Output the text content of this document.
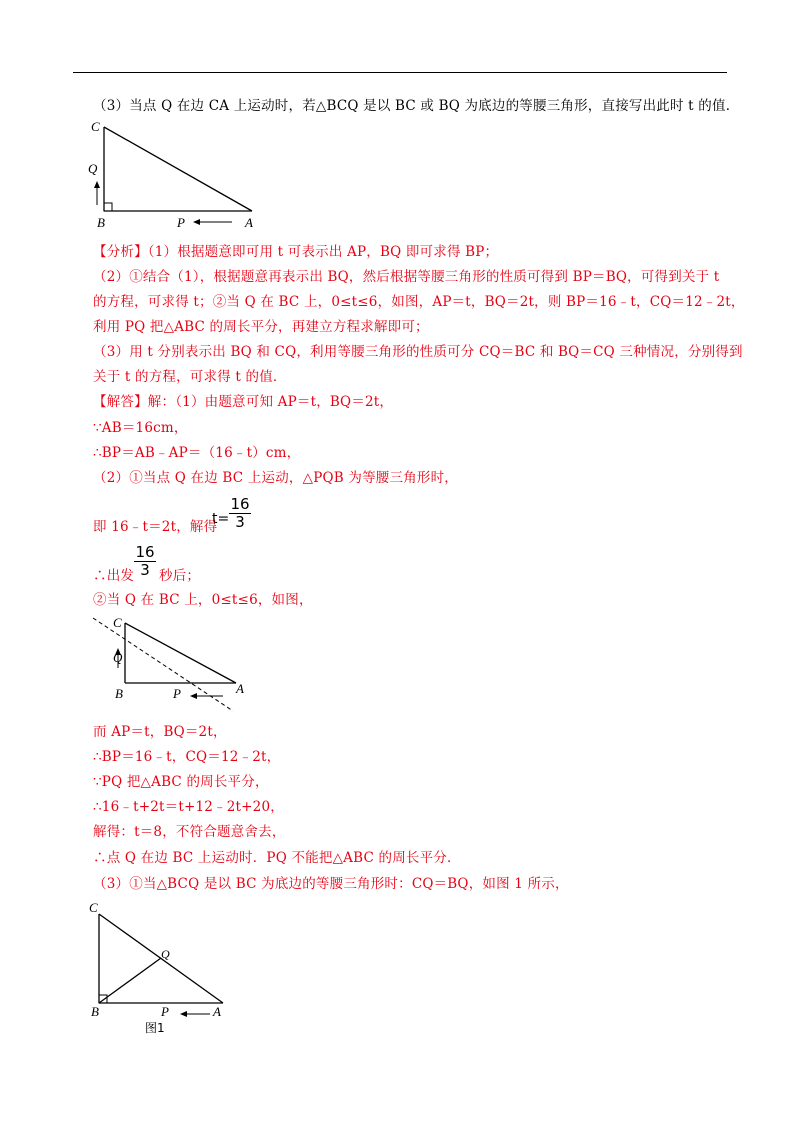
（3）当点 Q 在边 CA 上运动时，若△BCQ 是以 BC 或 BQ 为底边的等腰三角形，直接写出此时 t 的值．
C
Q
B	P	A
【分析】（1）根据题意即可用 t 可表示出 AP，BQ 即可求得 BP；
（2）①结合（1），根据题意再表示出 BQ，然后根据等腰三角形的性质可得到 BP＝BQ，可得到关于 t
的方程，可求得 t；②当 Q 在 BC 上，0≤t≤6，如图，AP＝t，BQ＝2t，则 BP＝16﹣t，CQ＝12﹣2t，
利用 PQ 把△ABC 的周长平分，再建立方程求解即可；
（3）用 t 分别表示出 BQ 和 CQ，利用等腰三角形的性质可分 CQ＝BC 和 BQ＝CQ 三种情况，分别得到
关于 t 的方程，可求得 t 的值．
【解答】解：（1）由题意可知 AP＝t，BQ＝2t，
∵AB＝16cm，
∴BP＝AB﹣AP＝（16﹣t）cm，
（2）①当点 Q 在边 BC 上运动，△PQB 为等腰三角形时，
即 16﹣t＝2t，解得
t=
16
3
∴出发
16
3 秒后；
②当 Q 在 BC 上，0≤t≤6，如图，
C
Q
B	P	A
而 AP＝t，BQ＝2t，
∴BP＝16﹣t，CQ＝12﹣2t，
∵PQ 把△ABC 的周长平分，
∴16﹣t+2t＝t+12﹣2t+20，
解得：t＝8，不符合题意舍去，
∴点 Q 在边 BC 上运动时．PQ 不能把△ABC 的周长平分．
（3）①当△BCQ 是以 BC 为底边的等腰三角形时：CQ＝BQ，如图 1 所示，
C
Q
B	P	A
图1
